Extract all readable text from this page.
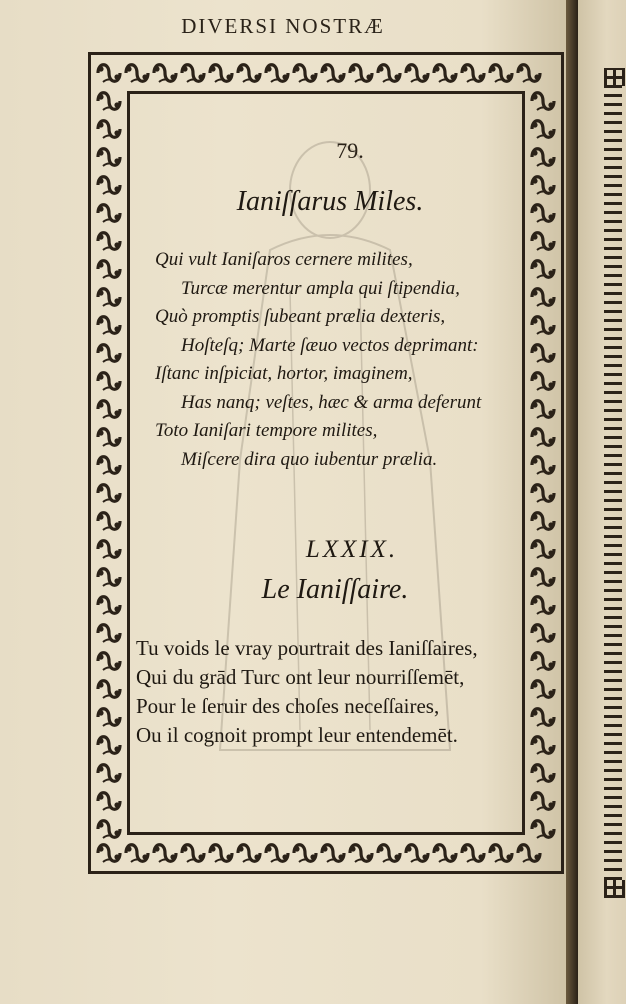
DIVERSI NOSTRÆ
79.
Ianiſſarus Miles.
Qui vult Ianiſaros cernere milites,
Turcæ merentur ampla qui ſtipendia,
Quò promptis ſubeant prælia dexteris,
Hoſteſq; Marte ſæuo vectos deprimant:
Iſtanc inſpiciat, hortor, imaginem,
Has nanq; veſtes, hæc & arma deferunt
Toto Ianiſari tempore milites,
Miſcere dira quo iubentur prælia.
LXXIX.
Le Ianiſſaire.
Tu voids le vray pourtrait des Ianiſſaires,
Qui du grād Turc ont leur nourriſſemēt,
Pour le ſeruir des choſes neceſſaires,
Ou il cognoit prompt leur entendemēt.
